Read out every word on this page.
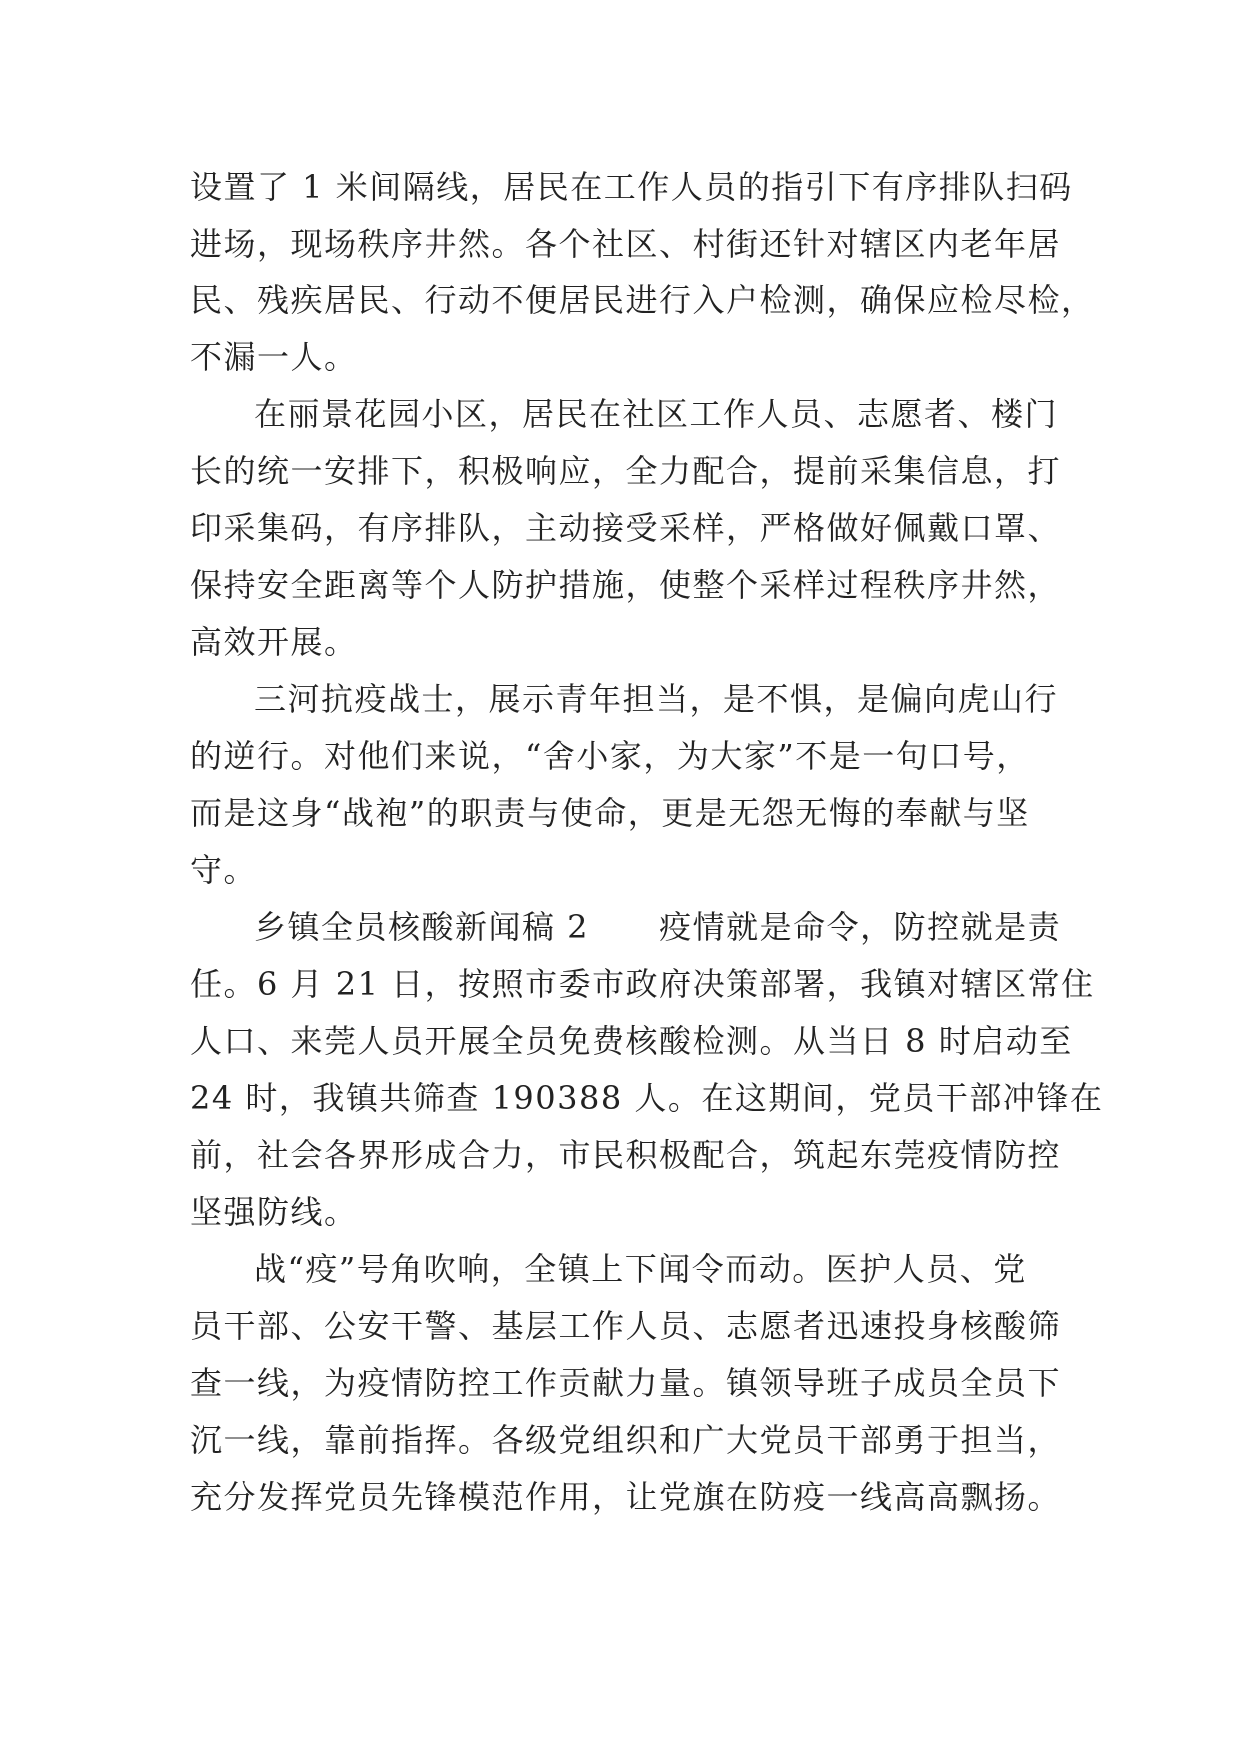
设置了 1 米间隔线，居民在工作人员的指引下有序排队扫码
进场，现场秩序井然。各个社区、村街还针对辖区内老年居
民、残疾居民、行动不便居民进行入户检测，确保应检尽检，
不漏一人。
在丽景花园小区，居民在社区工作人员、志愿者、楼门
长的统一安排下，积极响应，全力配合，提前采集信息，打
印采集码，有序排队，主动接受采样，严格做好佩戴口罩、
保持安全距离等个人防护措施，使整个采样过程秩序井然，
高效开展。
三河抗疫战士，展示青年担当，是不惧，是偏向虎山行
的逆行。对他们来说，“舍小家，为大家”不是一句口号，
而是这身“战袍”的职责与使命，更是无怨无悔的奉献与坚
守。
乡镇全员核酸新闻稿 2      疫情就是命令，防控就是责
任。6 月 21 日，按照市委市政府决策部署，我镇对辖区常住
人口、来莞人员开展全员免费核酸检测。从当日 8 时启动至
24 时，我镇共筛查 190388 人。在这期间，党员干部冲锋在
前，社会各界形成合力，市民积极配合，筑起东莞疫情防控
坚强防线。
战“疫”号角吹响，全镇上下闻令而动。医护人员、党
员干部、公安干警、基层工作人员、志愿者迅速投身核酸筛
查一线，为疫情防控工作贡献力量。镇领导班子成员全员下
沉一线，靠前指挥。各级党组织和广大党员干部勇于担当，
充分发挥党员先锋模范作用，让党旗在防疫一线高高飘扬。
